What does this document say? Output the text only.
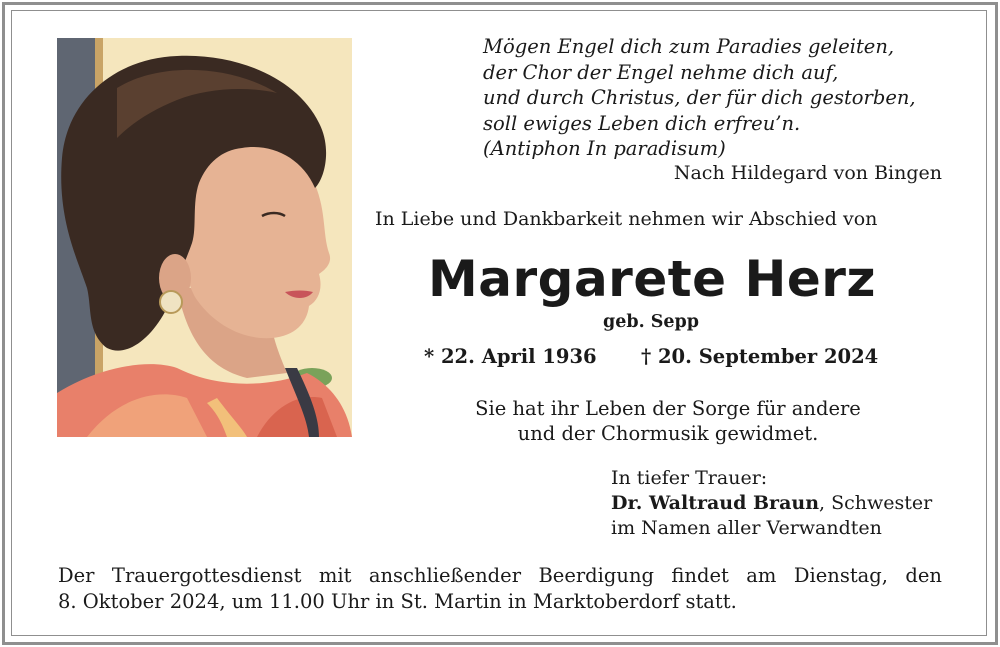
Mögen Engel dich zum Paradies geleiten,
der Chor der Engel nehme dich auf,
und durch Christus, der für dich gestorben,
soll ewiges Leben dich erfreu’n.
(Antiphon In paradisum)
Nach Hildegard von Bingen
In Liebe und Dankbarkeit nehmen wir Abschied von
Margarete Herz
geb. Sepp
* 22. April 1936 † 20. September 2024
Sie hat ihr Leben der Sorge für andere
und der Chormusik gewidmet.
In tiefer Trauer:
Dr. Waltraud Braun, Schwester
im Namen aller Verwandten
Der Trauergottesdienst mit anschließender Beerdigung findet am Dienstag, den
8. Oktober 2024, um 11.00 Uhr in St. Martin in Marktoberdorf statt.
